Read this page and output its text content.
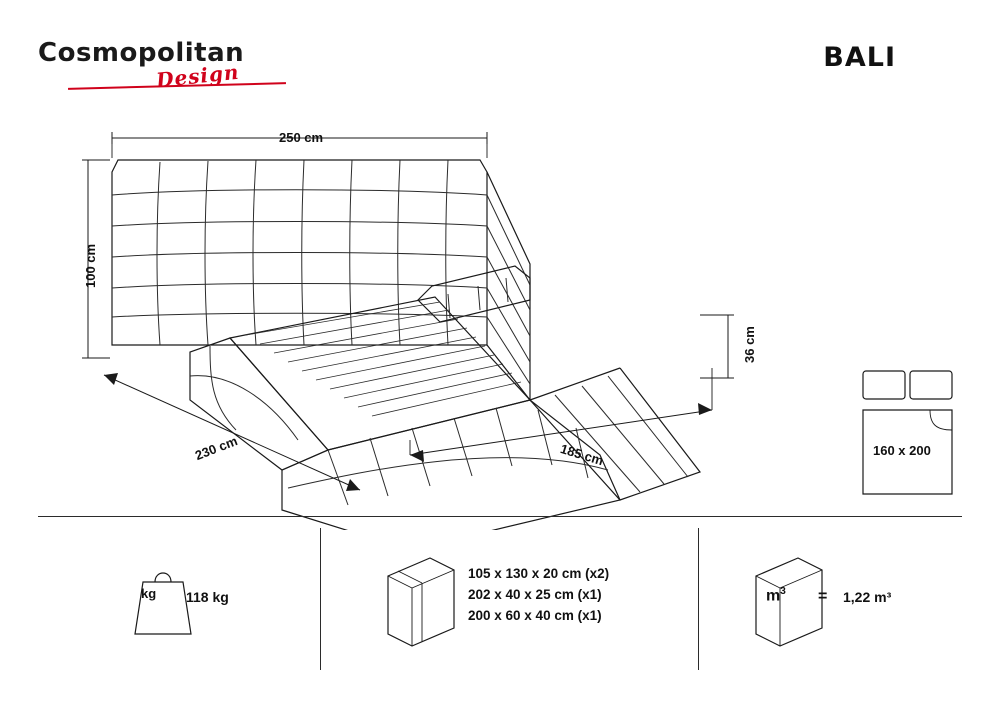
Cosmopolitan
Design
BALI
250 cm
100 cm
230 cm	185 cm
36 cm
160 x 200
kg 118 kg
105 x 130 x 20 cm (x2)
202 x 40 x 25 cm (x1)
200 x 60 x 40 cm (x1)
$m^3 = 1,22$ m³
